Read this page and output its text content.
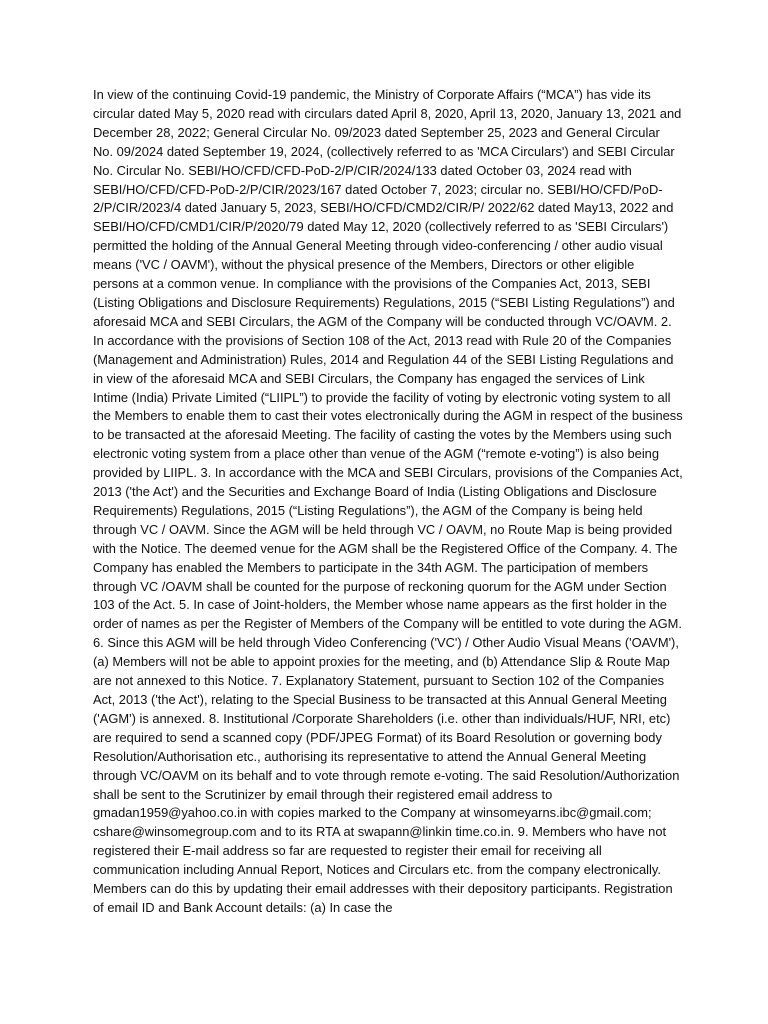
In view of the continuing Covid-19 pandemic, the Ministry of Corporate Affairs (“MCA”) has vide its circular dated May 5, 2020 read with circulars dated April 8, 2020, April 13, 2020, January 13, 2021 and December 28, 2022; General Circular No. 09/2023 dated September 25, 2023 and General Circular No. 09/2024 dated September 19, 2024, (collectively referred to as 'MCA Circulars') and SEBI Circular No. Circular No. SEBI/HO/CFD/CFD-PoD-2/P/CIR/2024/133 dated October 03, 2024 read with SEBI/HO/CFD/CFD-PoD-2/P/CIR/2023/167 dated October 7, 2023; circular no. SEBI/HO/CFD/PoD-2/P/CIR/2023/4 dated January 5, 2023, SEBI/HO/CFD/CMD2/CIR/P/ 2022/62 dated May13, 2022 and SEBI/HO/CFD/CMD1/CIR/P/2020/79 dated May 12, 2020 (collectively referred to as 'SEBI Circulars') permitted the holding of the Annual General Meeting through video-conferencing / other audio visual means ('VC / OAVM'), without the physical presence of the Members, Directors or other eligible persons at a common venue. In compliance with the provisions of the Companies Act, 2013, SEBI (Listing Obligations and Disclosure Requirements) Regulations, 2015 (“SEBI Listing Regulations”) and aforesaid MCA and SEBI Circulars, the AGM of the Company will be conducted through VC/OAVM. 2. In accordance with the provisions of Section 108 of the Act, 2013 read with Rule 20 of the Companies (Management and Administration) Rules, 2014 and Regulation 44 of the SEBI Listing Regulations and in view of the aforesaid MCA and SEBI Circulars, the Company has engaged the services of Link Intime (India) Private Limited (“LIIPL”) to provide the facility of voting by electronic voting system to all the Members to enable them to cast their votes electronically during the AGM in respect of the business to be transacted at the aforesaid Meeting. The facility of casting the votes by the Members using such electronic voting system from a place other than venue of the AGM (“remote e-voting”) is also being provided by LIIPL. 3. In accordance with the MCA and SEBI Circulars, provisions of the Companies Act, 2013 ('the Act') and the Securities and Exchange Board of India (Listing Obligations and Disclosure Requirements) Regulations, 2015 (“Listing Regulations”), the AGM of the Company is being held through VC / OAVM. Since the AGM will be held through VC / OAVM, no Route Map is being provided with the Notice. The deemed venue for the AGM shall be the Registered Office of the Company. 4. The Company has enabled the Members to participate in the 34th AGM. The participation of members through VC /OAVM shall be counted for the purpose of reckoning quorum for the AGM under Section 103 of the Act. 5. In case of Joint-holders, the Member whose name appears as the first holder in the order of names as per the Register of Members of the Company will be entitled to vote during the AGM. 6. Since this AGM will be held through Video Conferencing ('VC') / Other Audio Visual Means ('OAVM'), (a) Members will not be able to appoint proxies for the meeting, and (b) Attendance Slip & Route Map are not annexed to this Notice. 7. Explanatory Statement, pursuant to Section 102 of the Companies Act, 2013 ('the Act'), relating to the Special Business to be transacted at this Annual General Meeting ('AGM') is annexed. 8. Institutional /Corporate Shareholders (i.e. other than individuals/HUF, NRI, etc) are required to send a scanned copy (PDF/JPEG Format) of its Board Resolution or governing body Resolution/Authorisation etc., authorising its representative to attend the Annual General Meeting through VC/OAVM on its behalf and to vote through remote e-voting. The said Resolution/Authorization shall be sent to the Scrutinizer by email through their registered email address to gmadan1959@yahoo.co.in with copies marked to the Company at winsomeyarns.ibc@gmail.com; cshare@winsomegroup.com and to its RTA at swapann@linkin time.co.in. 9. Members who have not registered their E-mail address so far are requested to register their email for receiving all communication including Annual Report, Notices and Circulars etc. from the company electronically. Members can do this by updating their email addresses with their depository participants. Registration of email ID and Bank Account details: (a) In case the
